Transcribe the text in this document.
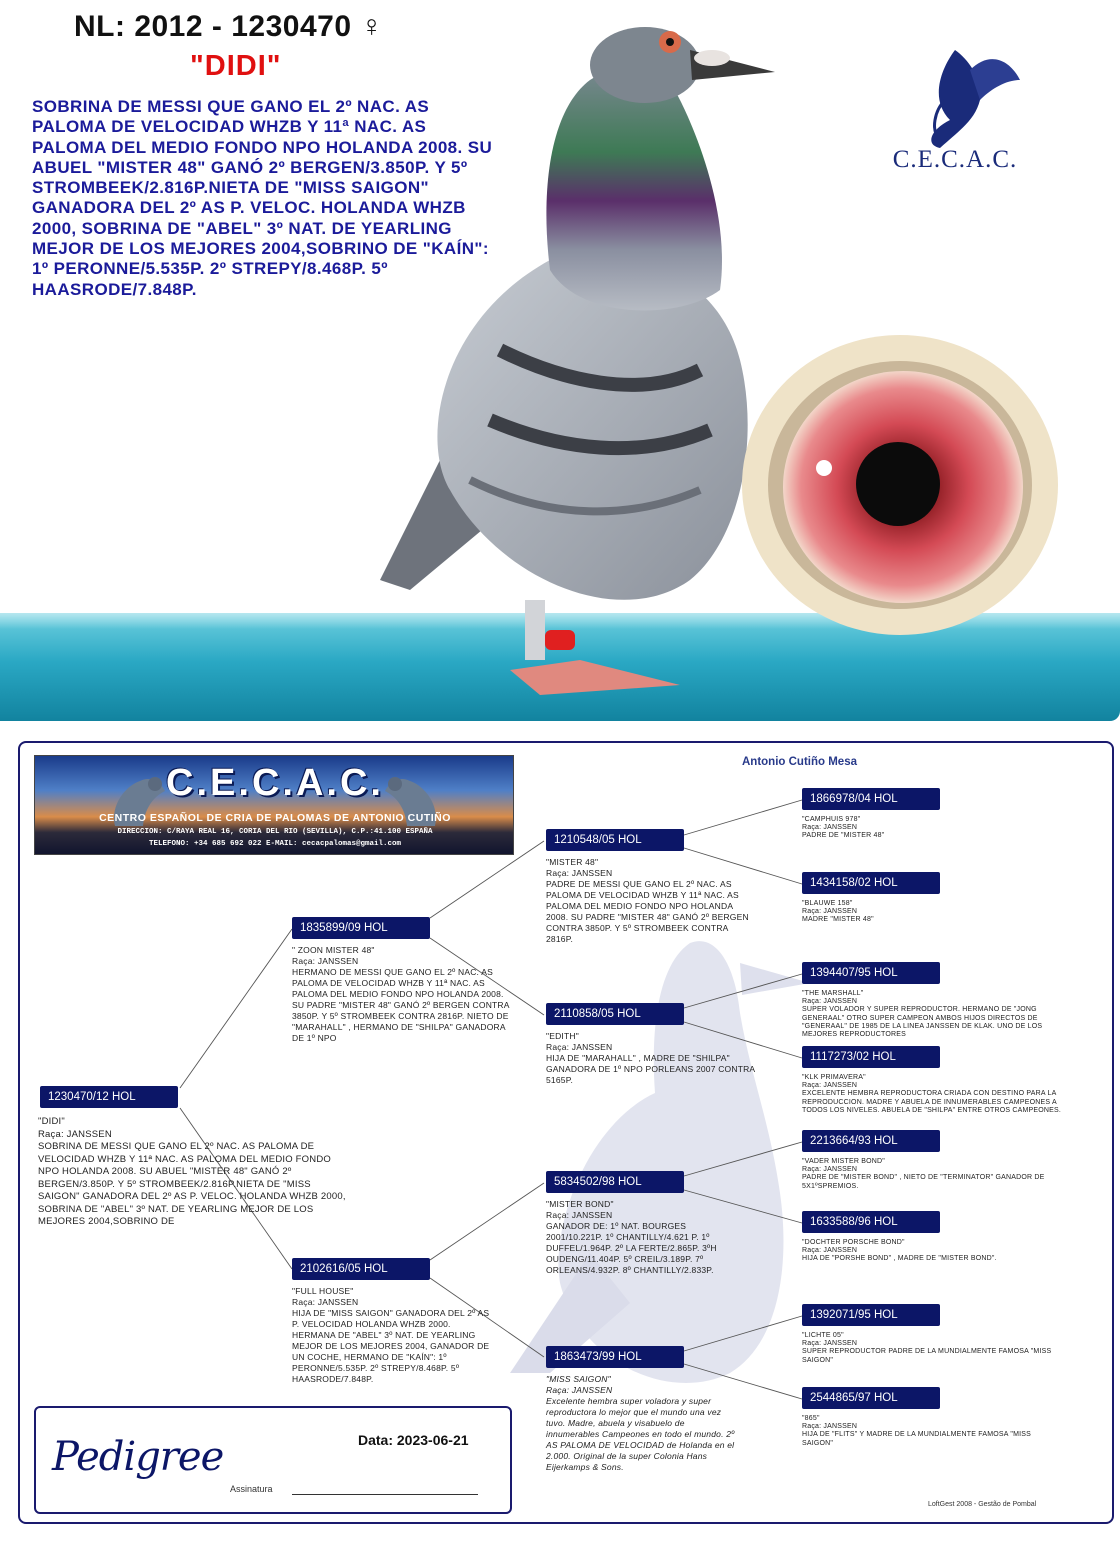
C.E.C.A.C.
NL: 2012 - 1230470 ♀
"DIDI"
SOBRINA DE MESSI QUE GANO EL 2º NAC. AS PALOMA DE VELOCIDAD WHZB Y 11ª NAC. AS PALOMA DEL MEDIO FONDO NPO HOLANDA 2008. SU ABUEL "MISTER 48" GANÓ 2º BERGEN/3.850P. Y 5º STROMBEEK/2.816P.NIETA DE "MISS SAIGON" GANADORA DEL 2º AS P. VELOC. HOLANDA WHZB 2000, SOBRINA DE "ABEL" 3º NAT. DE YEARLING MEJOR DE LOS MEJORES 2004,SOBRINO DE "KAÍN": 1º PERONNE/5.535P. 2º STREPY/8.468P. 5º HAASRODE/7.848P.
C.E.C.A.C.
CENTRO ESPAÑOL DE CRIA DE PALOMAS DE ANTONIO CUTIÑO
DIRECCION: C/RAYA REAL 16, CORIA DEL RIO (SEVILLA), C.P.:41.100 ESPAÑA
TELEFONO: +34 685 692 022 E-MAIL: cecacpalomas@gmail.com
Antonio Cutiño Mesa
1230470/12 HOL

"DIDI"
Raça: JANSSEN
SOBRINA DE MESSI QUE GANO EL 2º NAC. AS PALOMA DE VELOCIDAD WHZB Y 11ª NAC. AS PALOMA DEL MEDIO FONDO NPO HOLANDA 2008. SU ABUEL "MISTER 48" GANÓ 2º BERGEN/3.850P. Y 5º STROMBEEK/2.816P.NIETA DE "MISS SAIGON" GANADORA DEL 2º AS P. VELOC. HOLANDA WHZB 2000, SOBRINA DE "ABEL" 3º NAT. DE YEARLING MEJOR DE LOS MEJORES 2004,SOBRINO DE

1835899/09 HOL

" ZOON MISTER 48"
Raça: JANSSEN
HERMANO DE MESSI QUE GANO EL 2º NAC. AS PALOMA DE VELOCIDAD WHZB Y 11ª NAC. AS PALOMA DEL MEDIO FONDO NPO HOLANDA 2008. SU PADRE "MISTER 48" GANÓ 2º BERGEN CONTRA 3850P. Y 5º STROMBEEK CONTRA 2816P. NIETO DE "MARAHALL" , HERMANO DE "SHILPA" GANADORA DE 1º NPO

2102616/05 HOL

"FULL HOUSE"
Raça: JANSSEN
HIJA DE "MISS SAIGON" GANADORA DEL 2º AS P. VELOCIDAD HOLANDA WHZB 2000. HERMANA DE "ABEL" 3º NAT. DE YEARLING MEJOR DE LOS MEJORES 2004, GANADOR DE UN COCHE, HERMANO DE "KAÍN": 1º PERONNE/5.535P. 2º STREPY/8.468P. 5º HAASRODE/7.848P.

1210548/05 HOL

"MISTER 48"
Raça: JANSSEN
PADRE DE MESSI QUE GANO EL 2º NAC. AS PALOMA DE VELOCIDAD WHZB Y 11ª NAC. AS PALOMA DEL MEDIO FONDO NPO HOLANDA 2008. SU PADRE "MISTER 48" GANÓ 2º BERGEN CONTRA 3850P. Y 5º STROMBEEK CONTRA 2816P.

2110858/05 HOL

"EDITH"
Raça: JANSSEN
HIJA DE "MARAHALL" , MADRE DE "SHILPA" GANADORA DE 1º NPO PORLEANS 2007 CONTRA 5165P.

5834502/98 HOL

"MISTER BOND"
Raça: JANSSEN
GANADOR DE: 1º NAT. BOURGES 2001/10.221P. 1º CHANTILLY/4.621 P. 1º DUFFEL/1.964P. 2º LA FERTE/2.865P. 3ºH OUDENG/11.404P. 5º CREIL/3.189P. 7º ORLEANS/4.932P. 8º CHANTILLY/2.833P.

1863473/99 HOL

"MISS SAIGON"
Raça: JANSSEN
Excelente hembra super voladora y super reproductora lo mejor que el mundo una vez tuvo. Madre, abuela y visabuelo de innumerables Campeones en todo el mundo. 2º AS PALOMA DE VELOCIDAD de Holanda en el 2.000. Original de la super Colonia Hans Eijerkamps & Sons.

1866978/04 HOL

"CAMPHUIS 978"
Raça: JANSSEN
PADRE DE "MISTER 48"

1434158/02 HOL

"BLAUWE 158"
Raça: JANSSEN
MADRE "MISTER 48"

1394407/95 HOL

"THE MARSHALL"
Raça: JANSSEN
SUPER VOLADOR Y SUPER REPRODUCTOR. HERMANO DE "JONG GENERAAL" OTRO SUPER CAMPEON AMBOS HIJOS DIRECTOS DE "GENERAAL" DE 1985 DE LA LINEA JANSSEN DE KLAK. UNO DE LOS MEJORES REPRODUCTORES

1117273/02 HOL

"KLK PRIMAVERA"
Raça: JANSSEN
EXCELENTE HEMBRA REPRODUCTORA CRIADA CON DESTINO PARA LA REPRODUCCION. MADRE Y ABUELA DE INNUMERABLES CAMPEONES A TODOS LOS NIVELES. ABUELA DE "SHILPA" ENTRE OTROS CAMPEONES.

2213664/93 HOL

"VADER MISTER BOND"
Raça: JANSSEN
PADRE DE "MISTER BOND" , NIETO DE "TERMINATOR" GANADOR DE 5X1ºSPREMIOS.

1633588/96 HOL

"DOCHTER PORSCHE BOND"
Raça: JANSSEN
HIJA DE "PORSHE BOND" , MADRE DE "MISTER BOND".

1392071/95 HOL

"LICHTE 05"
Raça: JANSSEN
SUPER REPRODUCTOR PADRE DE LA MUNDIALMENTE FAMOSA "MISS SAIGON"

2544865/97 HOL

"865"
Raça: JANSSEN
HIJA DE "FLITS" Y MADRE DE LA MUNDIALMENTE FAMOSA "MISS SAIGON"

Pedigree	Data: 2023-06-21
Assinatura
LoftGest 2008 - Gestão de Pombal
